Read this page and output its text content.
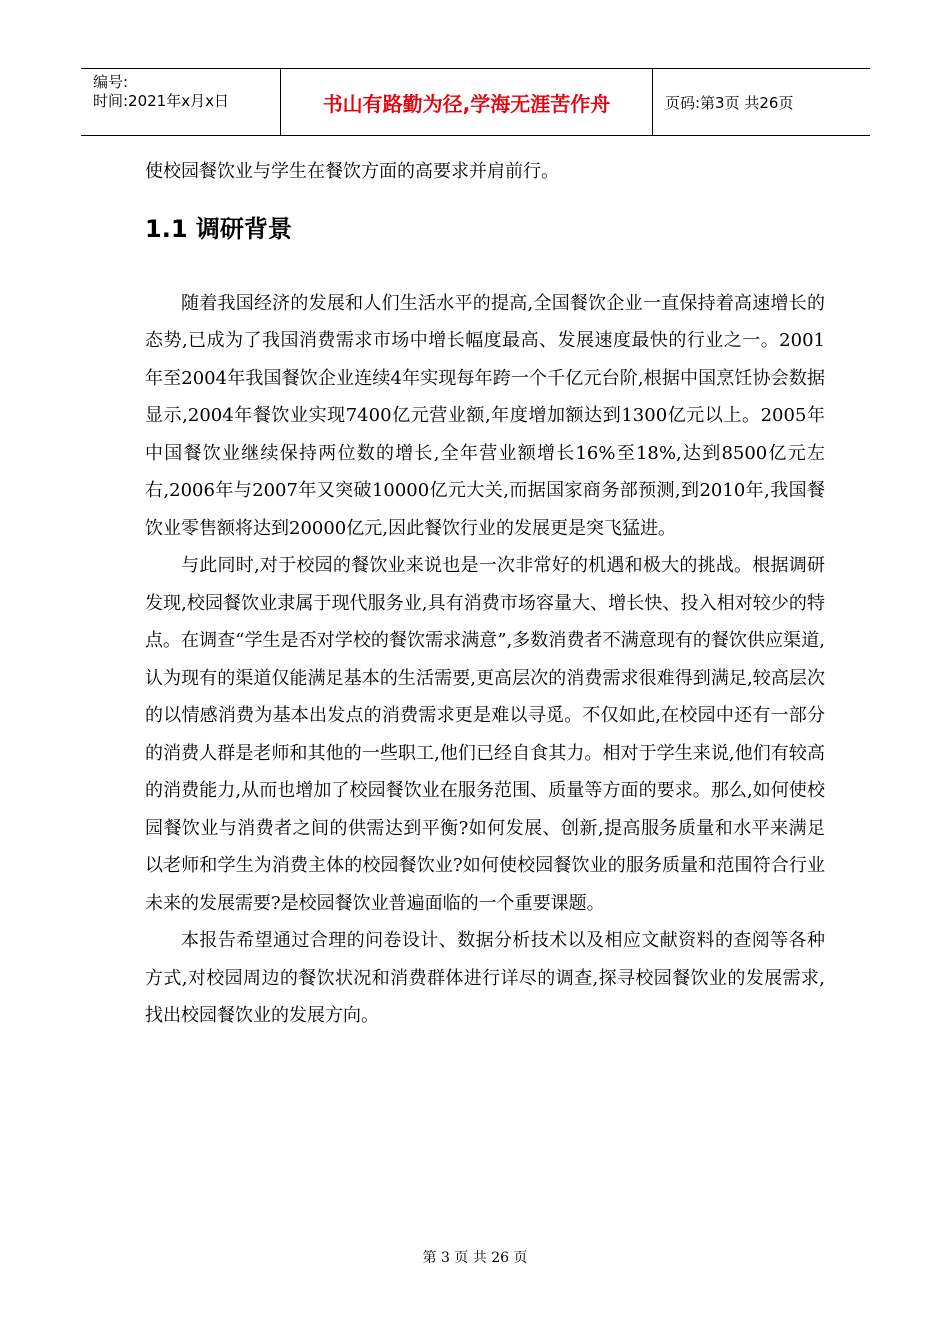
编号:
时间:2021年x月x日	书山有路勤为径,学海无涯苦作舟	页码:第3页 共26页

使校园餐饮业与学生在餐饮方面的高要求并肩前行。

1.1 调研背景

随着我国经济的发展和人们生活水平的提高,全国餐饮企业一直保持着高速增长的态势,已成为了我国消费需求市场中增长幅度最高、发展速度最快的行业之一。2001年至2004年我国餐饮企业连续4年实现每年跨一个千亿元台阶,根据中国烹饪协会数据显示,2004年餐饮业实现7400亿元营业额,年度增加额达到1300亿元以上。2005年中国餐饮业继续保持两位数的增长,全年营业额增长16%至18%,达到8500亿元左右,2006年与2007年又突破10000亿元大关,而据国家商务部预测,到2010年,我国餐饮业零售额将达到20000亿元,因此餐饮行业的发展更是突飞猛进。

与此同时,对于校园的餐饮业来说也是一次非常好的机遇和极大的挑战。根据调研发现,校园餐饮业隶属于现代服务业,具有消费市场容量大、增长快、投入相对较少的特点。在调查“学生是否对学校的餐饮需求满意”,多数消费者不满意现有的餐饮供应渠道,认为现有的渠道仅能满足基本的生活需要,更高层次的消费需求很难得到满足,较高层次的以情感消费为基本出发点的消费需求更是难以寻觅。不仅如此,在校园中还有一部分的消费人群是老师和其他的一些职工,他们已经自食其力。相对于学生来说,他们有较高的消费能力,从而也增加了校园餐饮业在服务范围、质量等方面的要求。那么,如何使校园餐饮业与消费者之间的供需达到平衡?如何发展、创新,提高服务质量和水平来满足以老师和学生为消费主体的校园餐饮业?如何使校园餐饮业的服务质量和范围符合行业未来的发展需要?是校园餐饮业普遍面临的一个重要课题。

本报告希望通过合理的问卷设计、数据分析技术以及相应文献资料的查阅等各种方式,对校园周边的餐饮状况和消费群体进行详尽的调查,探寻校园餐饮业的发展需求,找出校园餐饮业的发展方向。

第 3 页 共 26 页
